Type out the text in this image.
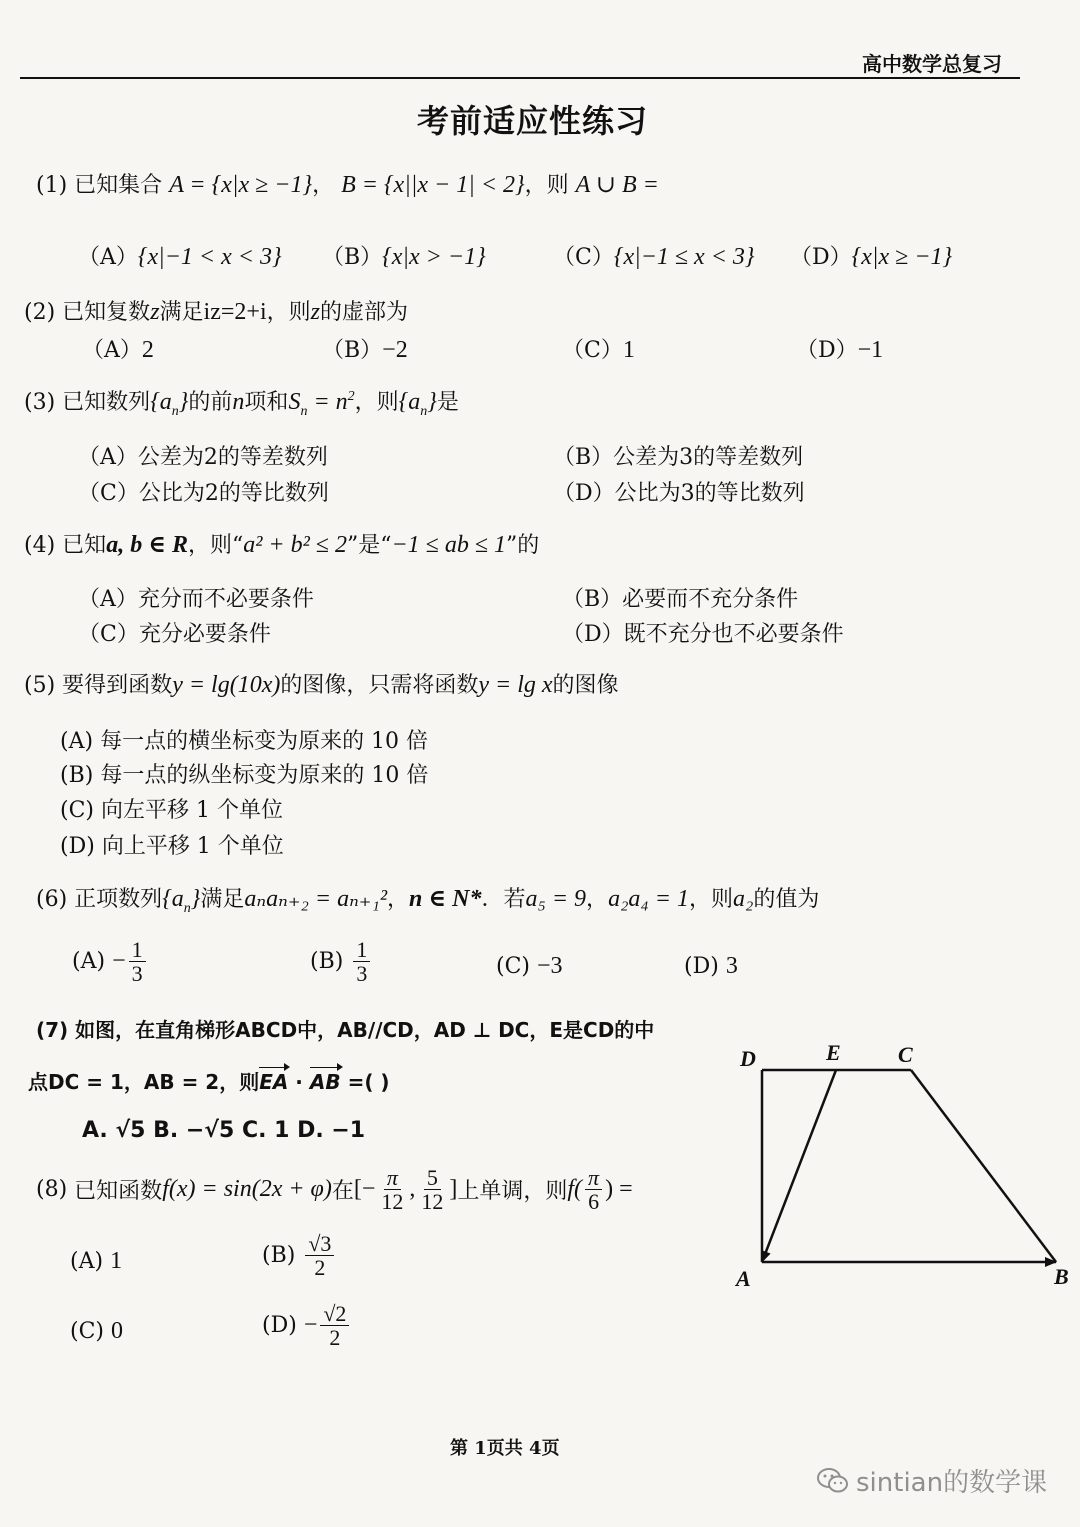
高中数学总复习
考前适应性练习
(1) 已知集合 A = {x|x ≥ −1}， B = {x||x − 1| < 2}，则 A ∪ B =
（A）{x|−1 < x < 3} （B）{x|x > −1}	（C）{x|−1 ≤ x < 3} （D）{x|x ≥ −1}
(2) 已知复数z满足iz=2+i，则z的虚部为
（A）2	（B）−2	（C）1	（D）−1
(3) 已知数列$\{a_n\}$的前n项和$S_n = n^2$，则$\{a_n\}$是
（A）公差为2的等差数列	（B）公差为3的等差数列
（C）公比为2的等比数列	（D）公比为3的等比数列
(4) 已知a, b ∈ R，则“a² + b² ≤ 2”是“−1 ≤ ab ≤ 1”的
（A）充分而不必要条件	（B）必要而不充分条件
（C）充分必要条件	（D）既不充分也不必要条件
(5) 要得到函数y = lg(10x)的图像，只需将函数y = lg x的图像
(A) 每一点的横坐标变为原来的 10 倍
(B) 每一点的纵坐标变为原来的 10 倍
(C) 向左平移 1 个单位
(D) 向上平移 1 个单位
(6) 正项数列$\{a_n\}$满足aₙaₙ₊₂ = aₙ₊₁²，n ∈ N*．若a₅ = 9，a₂a₄ = 1，则a₂的值为
(A)
− $\frac{1}{3}$	(B)
$\frac{1}{3}$	(C) −3	(D) 3
(7) 如图，在直角梯形ABCD中，AB//CD，AD ⊥ DC，E是CD的中
点DC = 1，AB = 2，则EA · AB =( )
A. √5 B. −√5 C. 1 D. −1
(8)
已知函数 f(x) = sin(2x + φ) 在 [− $\frac{\pi}{12}$ , $\frac{5}{12}$ ] 上单调，则 $f( \frac{\pi}{6}$ ) =
(A) 1	(B)
$\frac{√3}{2}$
(C) 0	(D)
− $\frac{√2}{2}$
D	E	C
A	B
第 1页共 4页
sintian的数学课
